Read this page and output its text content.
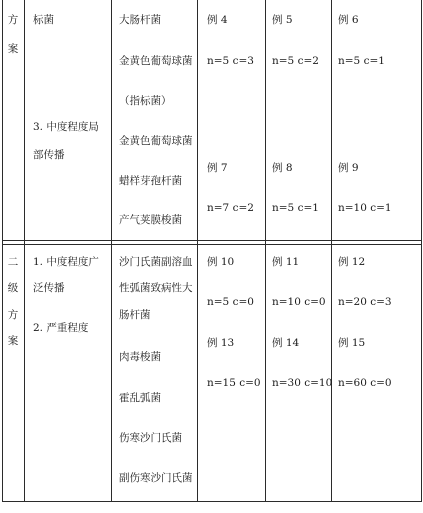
方
案
标菌
3. 中度程度局
部传播
大肠杆菌
金黄色葡萄球菌
（指标菌）
金黄色葡萄球菌
蜡样芽孢杆菌
产气荚膜梭菌
例 4
n=5 c=3
例 5
n=5 c=2
例 6
n=5 c=1
例 7
n=7 c=2
例 8
n=5 c=1
例 9
n=10 c=1
二
级
方
案
1. 中度程度广
泛传播
2. 严重程度
沙门氏菌副溶血
性弧菌致病性大
肠杆菌
肉毒梭菌
霍乱弧菌
伤寒沙门氏菌
副伤寒沙门氏菌
例 10
n=5 c=0
例 11
n=10 c=0
例 12
n=20 c=3
例 13
n=15 c=0
例 14
n=30 c=10
例 15
n=60 c=0
